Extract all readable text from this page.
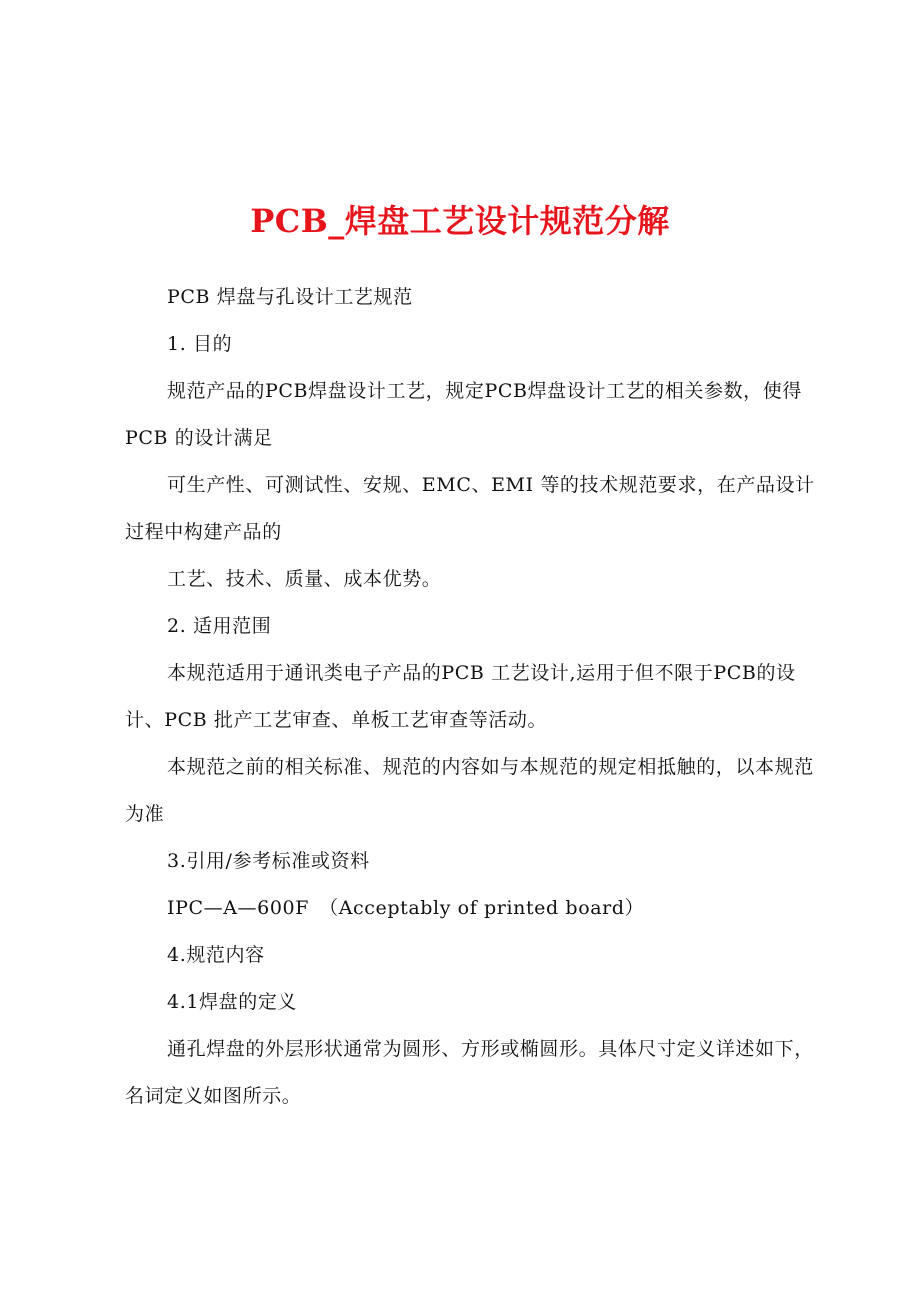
PCB_焊盘工艺设计规范分解

PCB 焊盘与孔设计工艺规范

1. 目的

规范产品的PCB焊盘设计工艺，规定PCB焊盘设计工艺的相关参数，使得PCB 的设计满足

可生产性、可测试性、安规、EMC、EMI 等的技术规范要求，在产品设计过程中构建产品的

工艺、技术、质量、成本优势。

2. 适用范围

本规范适用于通讯类电子产品的PCB 工艺设计,运用于但不限于PCB的设计、PCB 批产工艺审查、单板工艺审查等活动。

本规范之前的相关标准、规范的内容如与本规范的规定相抵触的，以本规范为准

3.引用/参考标准或资料

IPC—A—600F　（Acceptably of printed board）

4.规范内容

4.1焊盘的定义

通孔焊盘的外层形状通常为圆形、方形或椭圆形。具体尺寸定义详述如下，名词定义如图所示。
